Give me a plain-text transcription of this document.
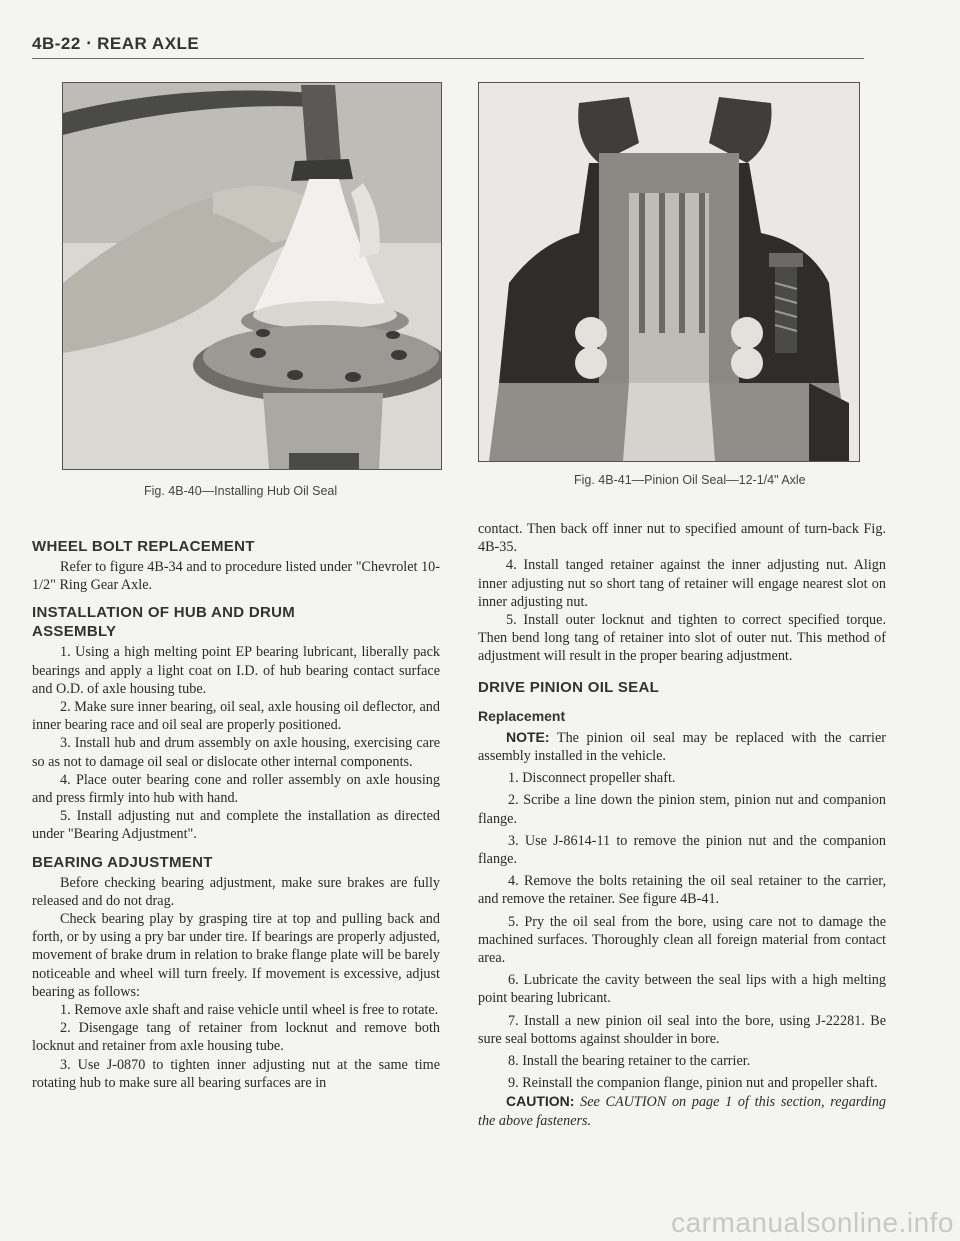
4B-22 ‧ REAR AXLE
Fig. 4B-40—Installing Hub Oil Seal
Fig. 4B-41—Pinion Oil Seal—12-1/4" Axle
WHEEL BOLT REPLACEMENT

Refer to figure 4B-34 and to procedure listed under "Chevrolet 10-1/2" Ring Gear Axle.

INSTALLATION OF HUB AND DRUM
ASSEMBLY

1. Using a high melting point EP bearing lubricant, liberally pack bearings and apply a light coat on I.D. of hub bearing contact surface and O.D. of axle housing tube.

2. Make sure inner bearing, oil seal, axle housing oil deflector, and inner bearing race and oil seal are properly positioned.

3. Install hub and drum assembly on axle housing, exercising care so as not to damage oil seal or dislocate other internal components.

4. Place outer bearing cone and roller assembly on axle housing and press firmly into hub with hand.

5. Install adjusting nut and complete the installation as directed under "Bearing Adjustment".

BEARING ADJUSTMENT

Before checking bearing adjustment, make sure brakes are fully released and do not drag.

Check bearing play by grasping tire at top and pulling back and forth, or by using a pry bar under tire. If bearings are properly adjusted, movement of brake drum in relation to brake flange plate will be barely noticeable and wheel will turn freely. If movement is excessive, adjust bearing as follows:

1. Remove axle shaft and raise vehicle until wheel is free to rotate.

2. Disengage tang of retainer from locknut and remove both locknut and retainer from axle housing tube.

3. Use J-0870 to tighten inner adjusting nut at the same time rotating hub to make sure all bearing surfaces are in

contact. Then back off inner nut to specified amount of turn-back Fig. 4B-35.

4. Install tanged retainer against the inner adjusting nut. Align inner adjusting nut so short tang of retainer will engage nearest slot on inner adjusting nut.

5. Install outer locknut and tighten to correct specified torque. Then bend long tang of retainer into slot of outer nut. This method of adjustment will result in the proper bearing adjustment.

DRIVE PINION OIL SEAL
Replacement

NOTE: The pinion oil seal may be replaced with the carrier assembly installed in the vehicle.

1. Disconnect propeller shaft.

2. Scribe a line down the pinion stem, pinion nut and companion flange.

3. Use J-8614-11 to remove the pinion nut and the companion flange.

4. Remove the bolts retaining the oil seal retainer to the carrier, and remove the retainer. See figure 4B-41.

5. Pry the oil seal from the bore, using care not to damage the machined surfaces. Thoroughly clean all foreign material from contact area.

6. Lubricate the cavity between the seal lips with a high melting point bearing lubricant.

7. Install a new pinion oil seal into the bore, using J-22281. Be sure seal bottoms against shoulder in bore.

8. Install the bearing retainer to the carrier.

9. Reinstall the companion flange, pinion nut and propeller shaft.

CAUTION: See CAUTION on page 1 of this section, regarding the above fasteners.

carmanualsonline.info
